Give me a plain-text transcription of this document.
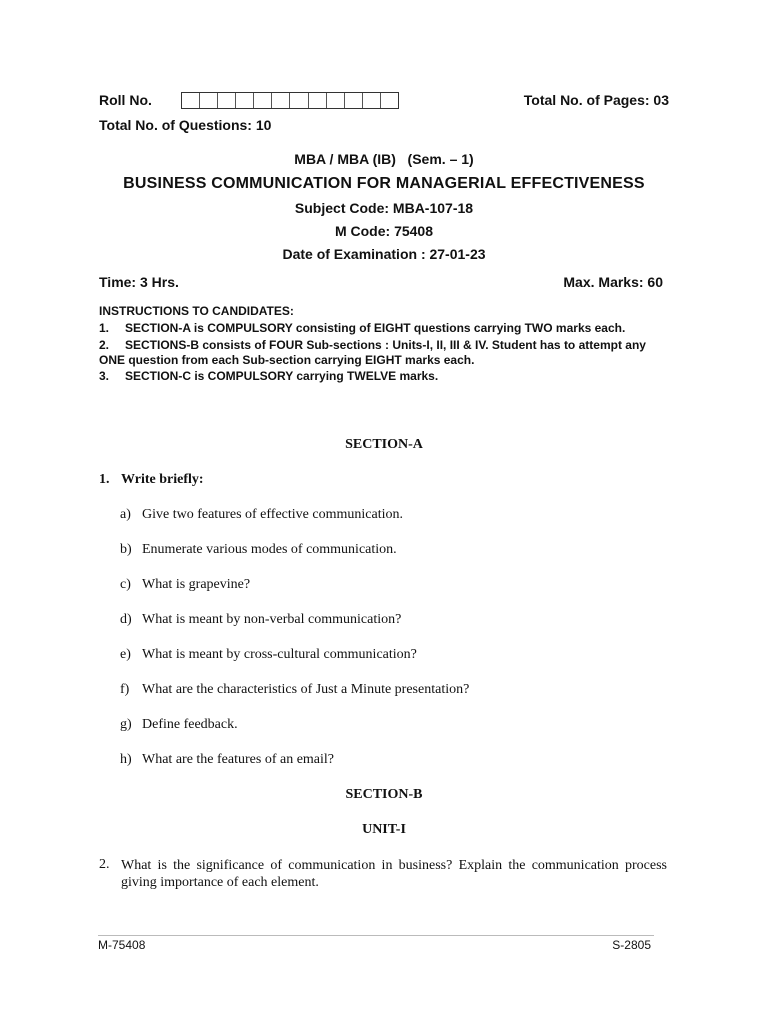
Roll No.	Total No. of Pages: 03
Total No. of Questions: 10
MBA / MBA (IB)   (Sem. – 1)
BUSINESS COMMUNICATION FOR MANAGERIAL EFFECTIVENESS
Subject Code: MBA-107-18
M Code: 75408
Date of Examination : 27-01-23
Time: 3 Hrs.	Max. Marks: 60
INSTRUCTIONS TO CANDIDATES:
1. SECTION-A is COMPULSORY consisting of EIGHT questions carrying TWO marks each.
2.	SECTIONS-B consists of FOUR Sub-sections : Units-I, II, III & IV. Student has to attempt any ONE question from each Sub-section carrying EIGHT marks each.
3. SECTION-C is COMPULSORY carrying TWELVE marks.
SECTION-A
1. Write briefly:
a) Give two features of effective communication.
b) Enumerate various modes of communication.
c) What is grapevine?
d) What is meant by non-verbal communication?
e) What is meant by cross-cultural communication?
f) What are the characteristics of Just a Minute presentation?
g) Define feedback.
h) What are the features of an email?
SECTION-B
UNIT-I
2. What is the significance of communication in business? Explain the communication process giving importance of each element.
M-75408	S-2805
